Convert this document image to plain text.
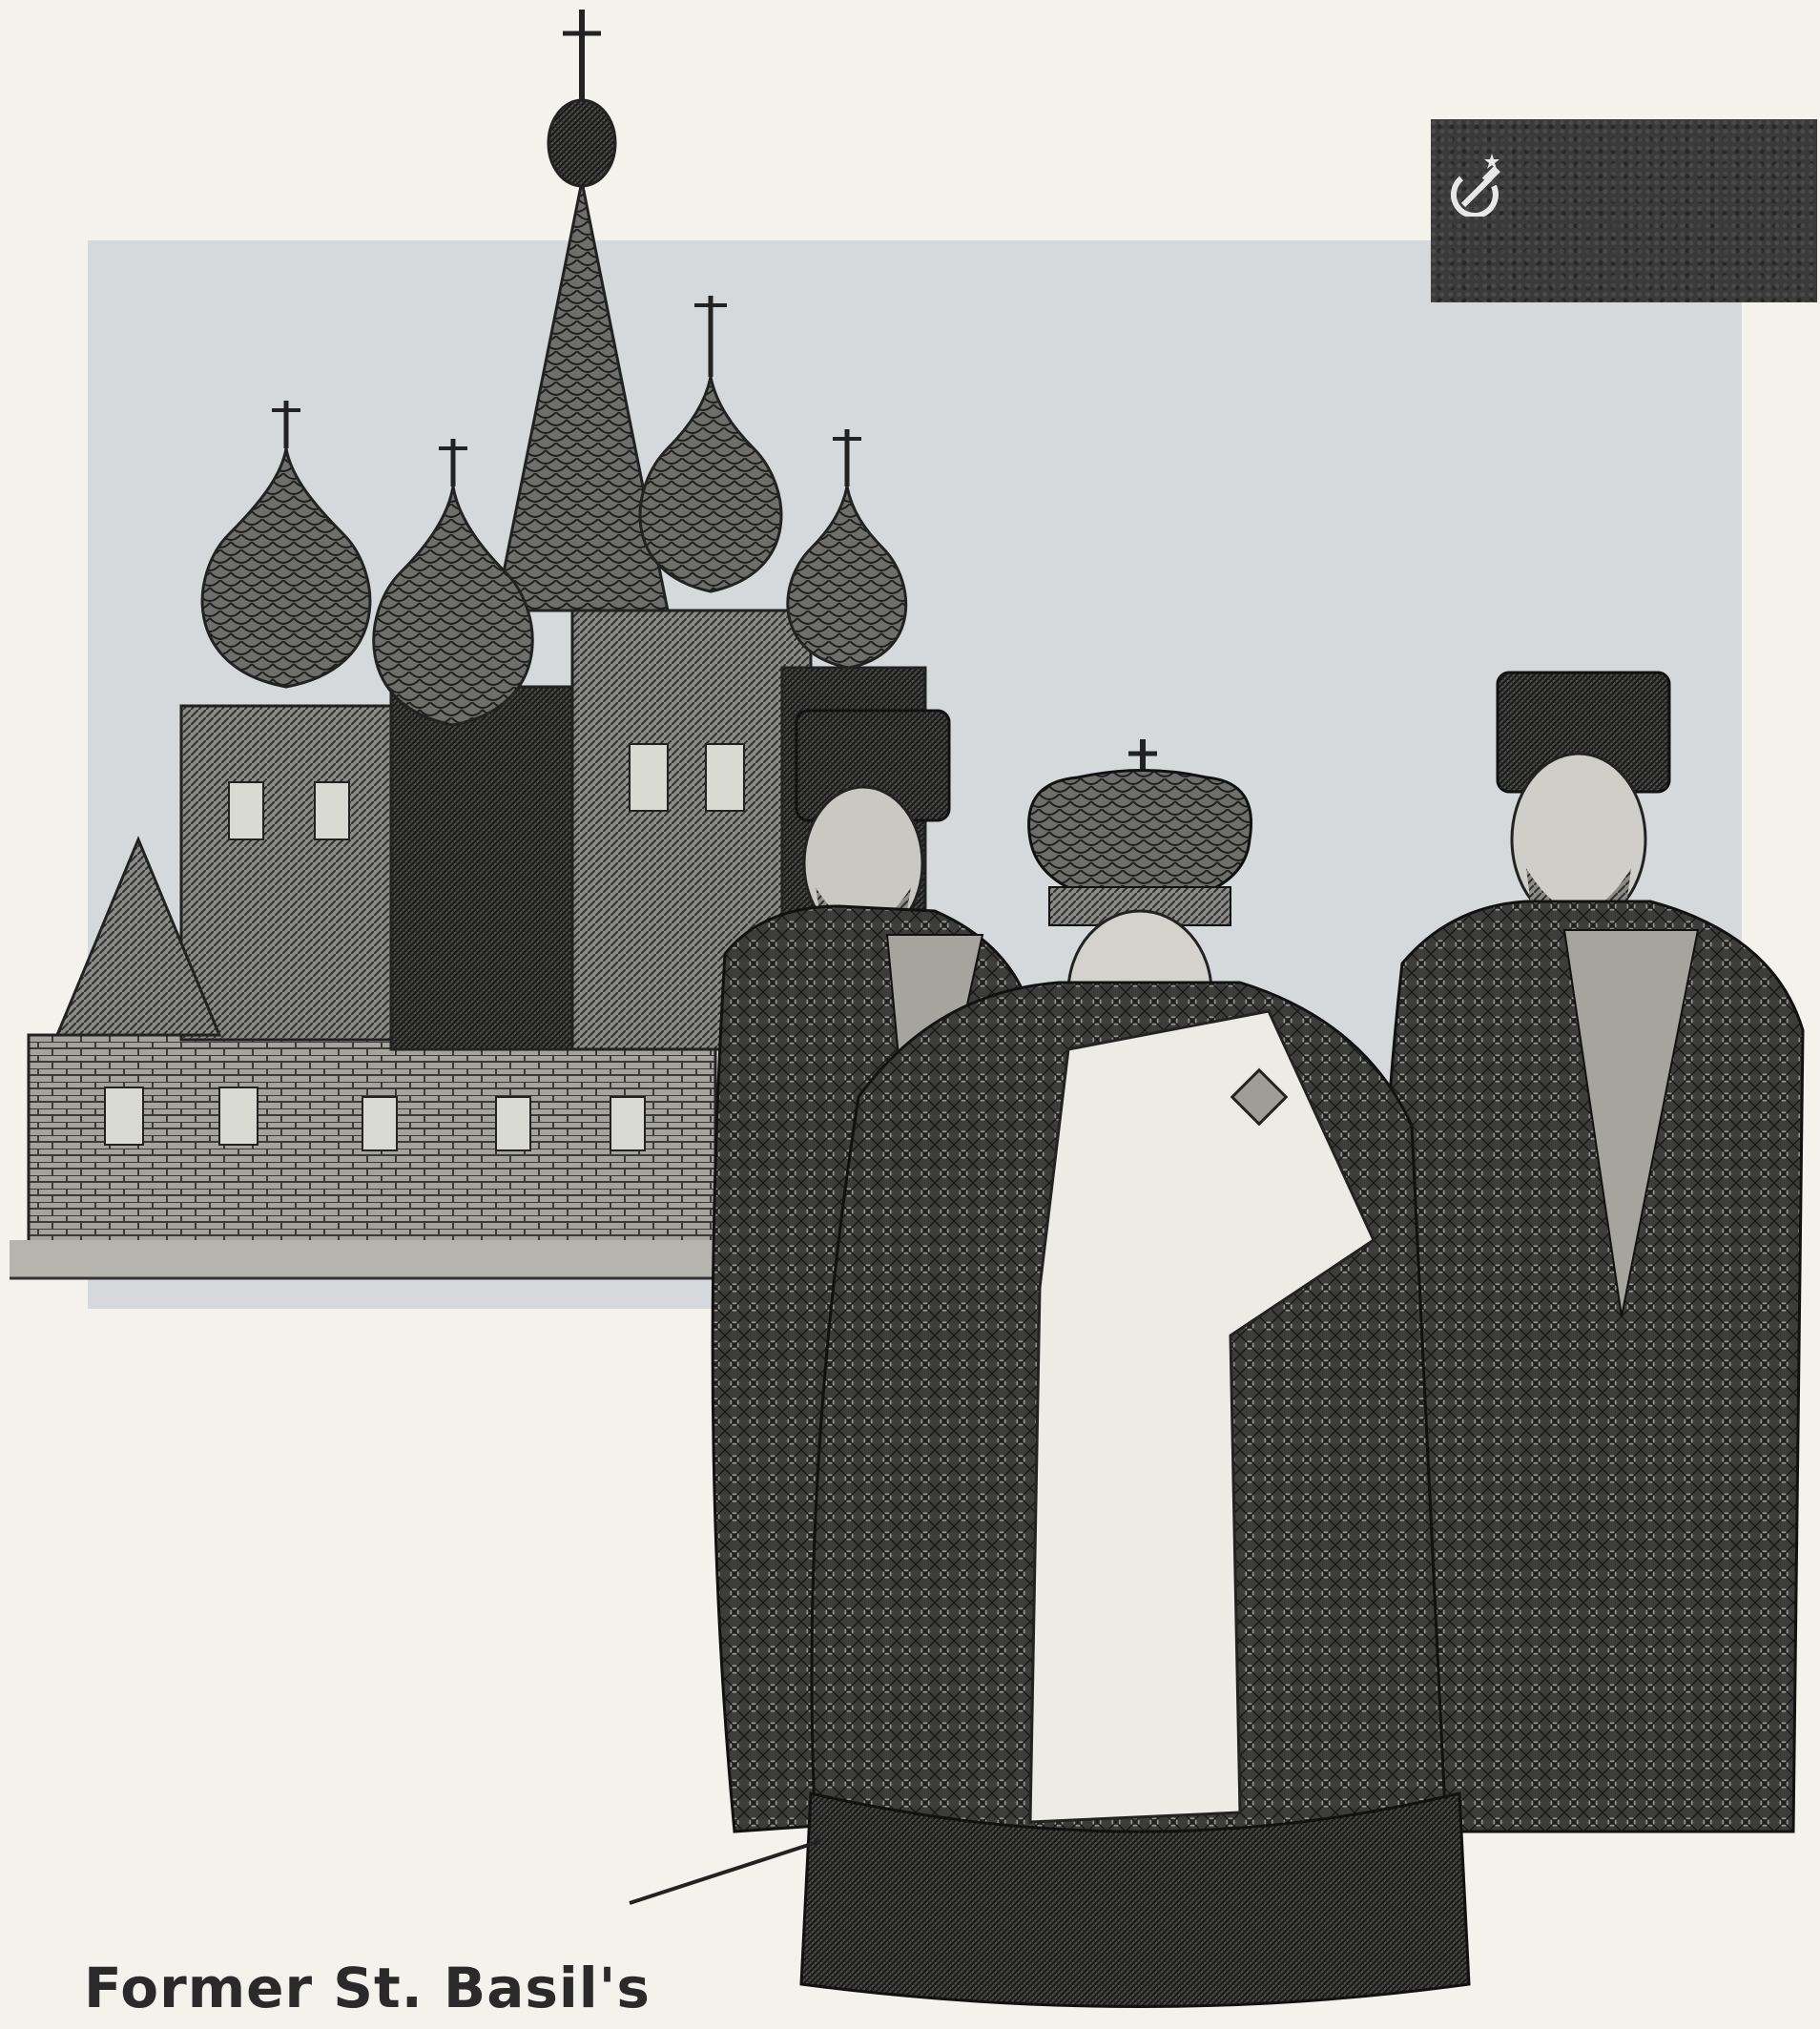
Former St. Basil's
